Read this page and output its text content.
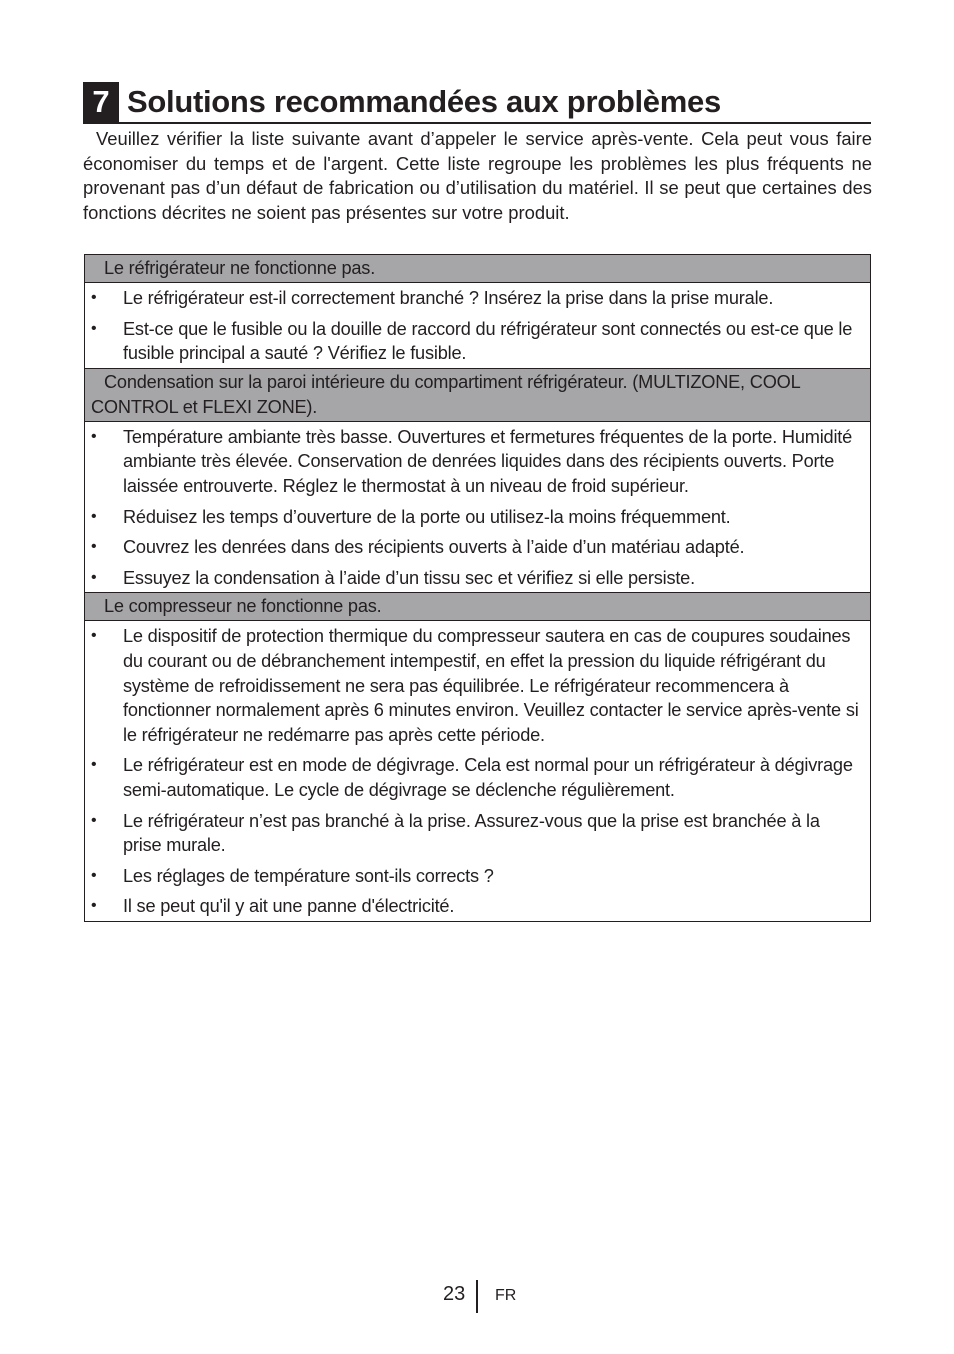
7 Solutions recommandées aux problèmes

Veuillez vérifier la liste suivante avant d’appeler le service après-vente. Cela peut vous faire économiser du temps et de l'argent. Cette liste regroupe les problèmes les plus fréquents ne provenant pas d’un défaut de fabrication ou d’utilisation du matériel. Il se peut que certaines des fonctions décrites ne soient pas présentes sur votre produit.

Le réfrigérateur ne fonctionne pas.

• Le réfrigérateur est-il correctement branché ? Insérez la prise dans la prise murale.
• Est-ce que le fusible ou la douille de raccord du réfrigérateur sont connectés ou est-ce que le fusible principal a sauté ? Vérifiez le fusible.

Condensation sur la paroi intérieure du compartiment réfrigérateur. (MULTIZONE, COOL CONTROL et FLEXI ZONE).

• Température ambiante très basse. Ouvertures et fermetures fréquentes de la porte. Humidité ambiante très élevée. Conservation de denrées liquides dans des récipients ouverts. Porte laissée entrouverte. Réglez le thermostat à un niveau de froid supérieur.
• Réduisez les temps d’ouverture de la porte ou utilisez-la moins fréquemment.
• Couvrez les denrées dans des récipients ouverts à l’aide d’un matériau adapté.
• Essuyez la condensation à l’aide d’un tissu sec et vérifiez si elle persiste.

Le compresseur ne fonctionne pas.

• Le dispositif de protection thermique du compresseur sautera en cas de coupures soudaines du courant ou de débranchement intempestif, en effet la pression du liquide réfrigérant du système de refroidissement ne sera pas équilibrée. Le réfrigérateur recommencera à fonctionner normalement après 6 minutes environ. Veuillez contacter le service après-vente si le réfrigérateur ne redémarre pas après cette période.
• Le réfrigérateur est en mode de dégivrage. Cela est normal pour un réfrigérateur à dégivrage semi-automatique. Le cycle de dégivrage se déclenche régulièrement.
• Le réfrigérateur n’est pas branché à la prise. Assurez-vous que la prise est branchée à la prise murale.
• Les réglages de température sont-ils corrects ?
• Il se peut qu'il y ait une panne d'électricité.
23 FR
